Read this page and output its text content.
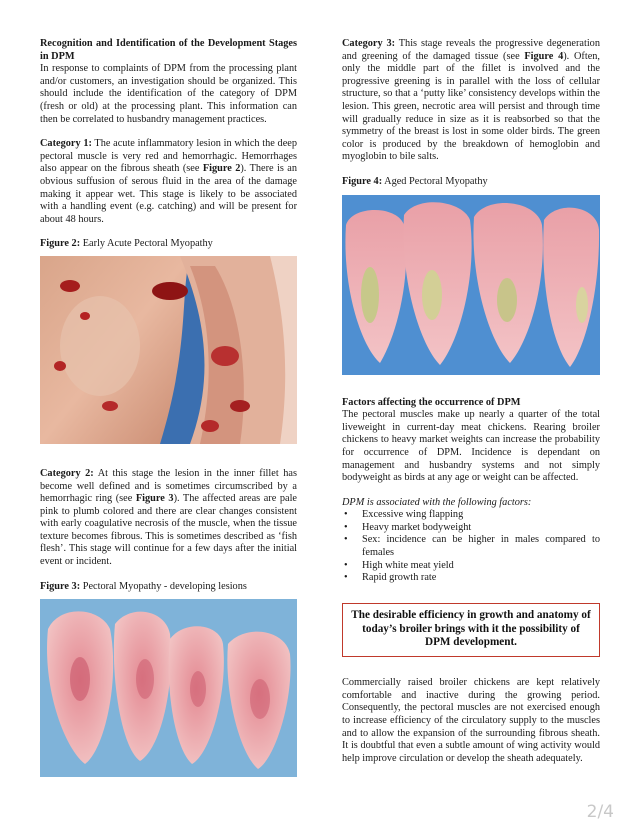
Recognition and Identification of the Development Stages in DPM

In response to complaints of DPM from the processing plant and/or customers, an investigation should be organized. This should include the identification of the category of DPM (fresh or old) at the processing plant. This information can then be correlated to husbandry management practices.

Category 1: The acute inflammatory lesion in which the deep pectoral muscle is very red and hemorrhagic. Hemorrhages also appear on the fibrous sheath (see Figure 2). There is an obvious suffusion of serous fluid in the area of the damage making it appear wet. This stage is likely to be associated with a handling event (e.g. catching) and will be present for about 48 hours.

Figure 2: Early Acute Pectoral Myopathy

Category 2: At this stage the lesion in the inner fillet has become well defined and is sometimes circumscribed by a hemorrhagic ring (see Figure 3). The affected areas are pale pink to plumb colored and there are clear changes consistent with early coagulative necrosis of the muscle, when the tissue texture becomes fibrous. This is sometimes described as ‘fish flesh’. This stage will continue for a few days after the initial event or incident.

Figure 3: Pectoral Myopathy - developing lesions

Category 3: This stage reveals the progressive degeneration and greening of the damaged tissue (see Figure 4). Often, only the middle part of the fillet is involved and the progressive greening is in parallel with the loss of cellular structure, so that a ‘putty like’ consistency develops within the lesion. This green, necrotic area will persist and through time will gradually reduce in size as it is reabsorbed so that the symmetry of the breast is lost in some older birds. The green color is produced by the breakdown of hemoglobin and myoglobin to bile salts.

Figure 4: Aged Pectoral Myopathy

Factors affecting the occurrence of DPM

The pectoral muscles make up nearly a quarter of the total liveweight in current-day meat chickens. Rearing broiler chickens to heavy market weights can increase the probability for occurrence of DPM. Incidence is dependant on management and husbandry systems and not simply bodyweight as birds at any age or weight can be affected.

DPM is associated with the following factors:

• Excessive wing flapping
• Heavy market bodyweight
• Sex: incidence can be higher in males compared to females
• High white meat yield
• Rapid growth rate
The desirable efficiency in growth and anatomy of today’s broiler brings with it the possibility of DPM development.

Commercially raised broiler chickens are kept relatively comfortable and inactive during the growing period. Consequently, the pectoral muscles are not exercised enough to increase efficiency of the circulatory supply to the muscles and to allow the expansion of the surrounding fibrous sheath. It is doubtful that even a subtle amount of wing activity would help improve circulation or develop the sheath adequately.

2/4
